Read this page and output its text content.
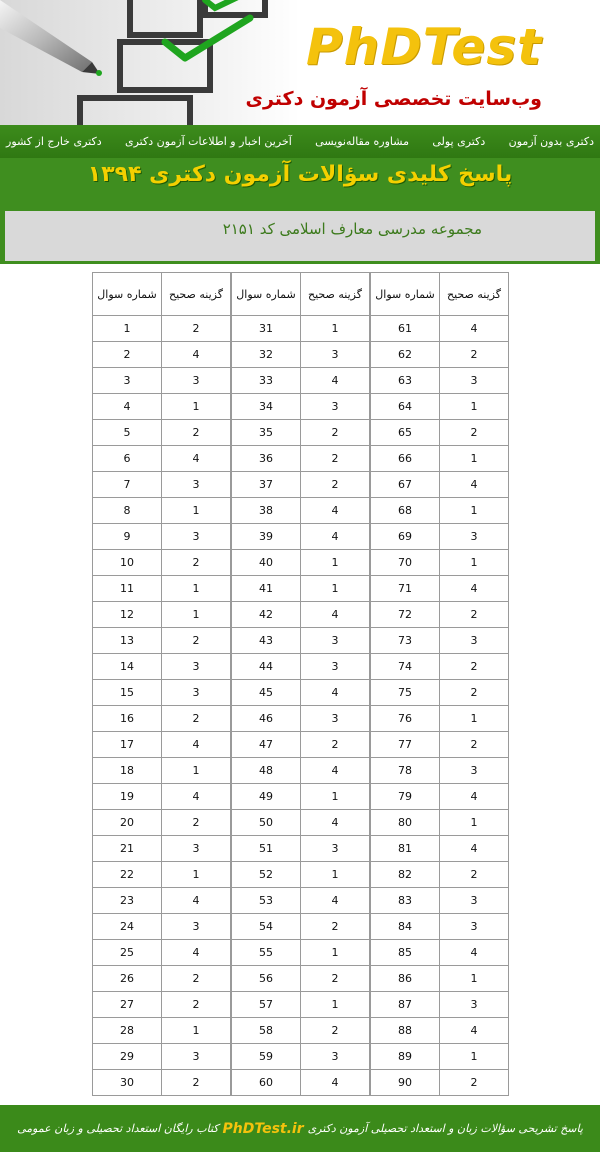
PhDTest
وب‌سایت تخصصی آزمون دکتری
دکتری خارج از کشور آخرین اخبار و اطلاعات آزمون دکتری مشاوره مقاله‌نویسی دکتری پولی دکتری بدون آزمون
پاسخ کلیدی سؤالات آزمون دکتری ۱۳۹۴
مجموعه مدرسی معارف اسلامی کد ۲۱۵۱
شماره سوال	گزینه صحیح
1	2
2	4
3	3
4	1
5	2
6	4
7	3
8	1
9	3
10	2
11	1
12	1
13	2
14	3
15	3
16	2
17	4
18	1
19	4
20	2
21	3
22	1
23	4
24	3
25	4
26	2
27	2
28	1
29	3
30	2
شماره سوال	گزینه صحیح
31	1
32	3
33	4
34	3
35	2
36	2
37	2
38	4
39	4
40	1
41	1
42	4
43	3
44	3
45	4
46	3
47	2
48	4
49	1
50	4
51	3
52	1
53	4
54	2
55	1
56	2
57	1
58	2
59	3
60	4
شماره سوال	گزینه صحیح
61	4
62	2
63	3
64	1
65	2
66	1
67	4
68	1
69	3
70	1
71	4
72	2
73	3
74	2
75	2
76	1
77	2
78	3
79	4
80	1
81	4
82	2
83	3
84	3
85	4
86	1
87	3
88	4
89	1
90	2
پاسخ تشریحی سؤالات زبان و استعداد تحصیلی آزمون دکتری
PhDTest.ir
کتاب رایگان استعداد تحصیلی و زبان عمومی
